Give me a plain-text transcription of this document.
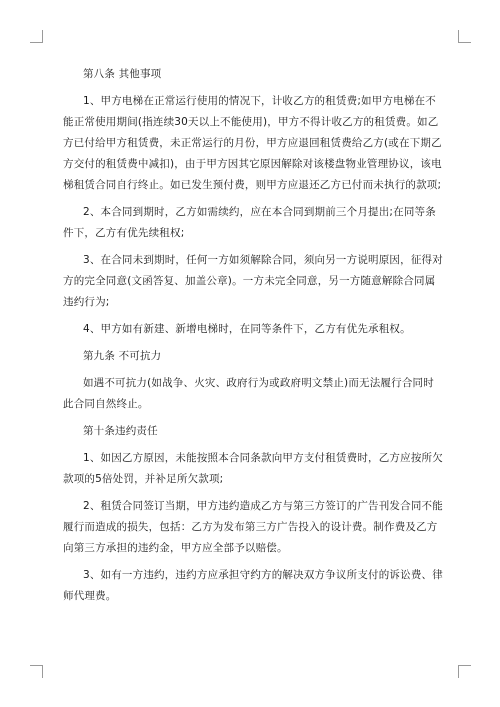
第八条 其他事项

1、甲方电梯在正常运行使用的情况下，计收乙方的租赁费;如甲方电梯在不能正常使用期间(指连续30天以上不能使用)，甲方不得计收乙方的租赁费。如乙方已付给甲方租赁费，未正常运行的月份，甲方应退回租赁费给乙方(或在下期乙方交付的租赁费中减扣)，由于甲方因其它原因解除对该楼盘物业管理协议，该电梯租赁合同自行终止。如已发生预付费，则甲方应退还乙方已付而未执行的款项;

2、本合同到期时，乙方如需续约，应在本合同到期前三个月提出;在同等条件下，乙方有优先续租权;

3、在合同未到期时，任何一方如须解除合同，须向另一方说明原因，征得对方的完全同意(文函答复、加盖公章)。一方未完全同意，另一方随意解除合同属违约行为;

4、甲方如有新建、新增电梯时，在同等条件下，乙方有优先承租权。

第九条 不可抗力

如遇不可抗力(如战争、火灾、政府行为或政府明文禁止)而无法履行合同时此合同自然终止。

第十条违约责任

1、如因乙方原因，未能按照本合同条款向甲方支付租赁费时，乙方应按所欠款项的5倍处罚，并补足所欠款项;

2、租赁合同签订当期，甲方违约造成乙方与第三方签订的广告刊发合同不能履行而造成的损失，包括：乙方为发布第三方广告投入的设计费。制作费及乙方向第三方承担的违约金，甲方应全部予以赔偿。

3、如有一方违约，违约方应承担守约方的解决双方争议所支付的诉讼费、律师代理费。
